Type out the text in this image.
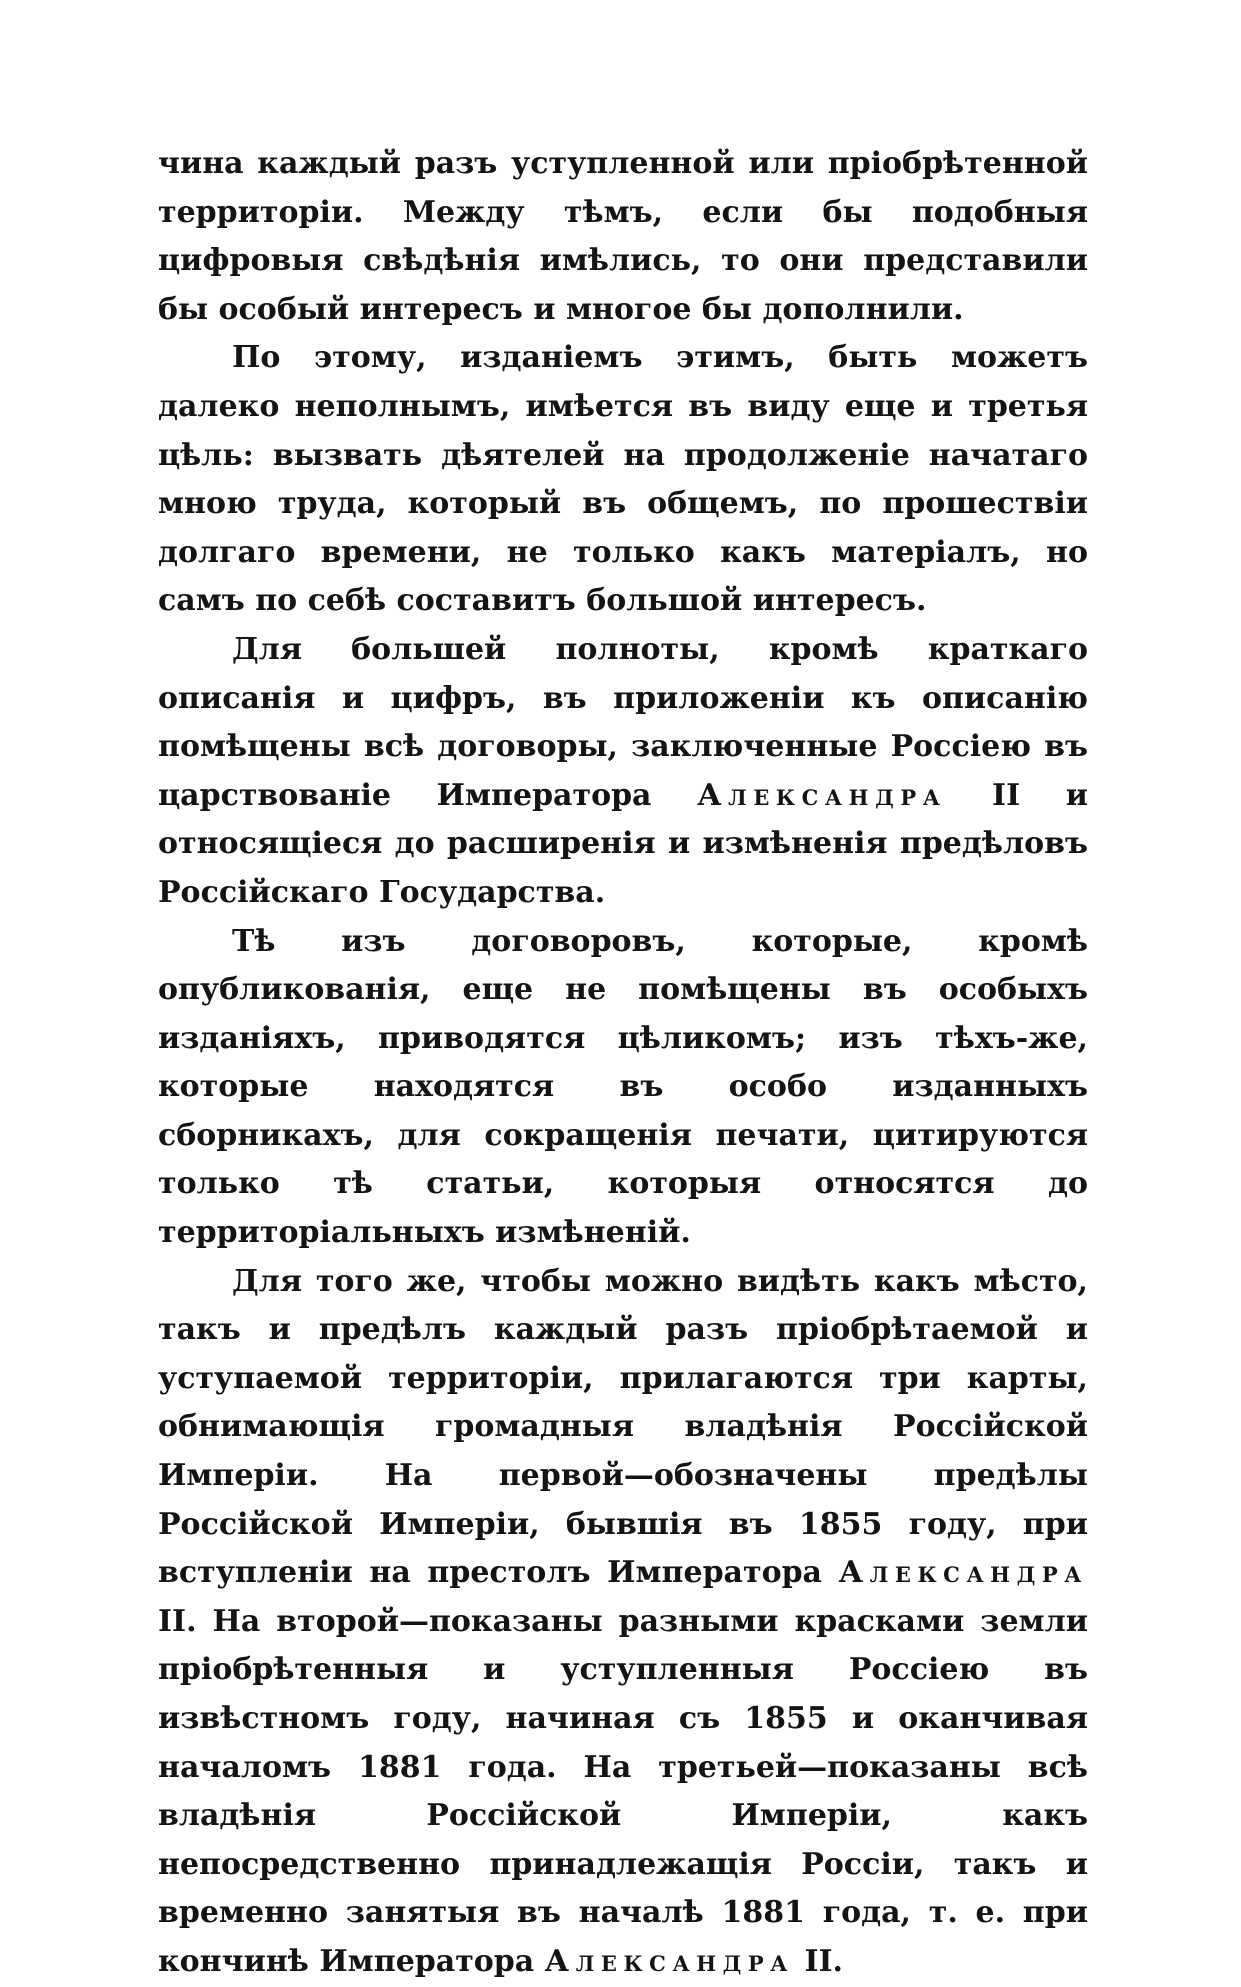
чина каждый разъ уступленной или пріобрѣтенной территоріи. Между тѣмъ, если бы подобныя цифровыя свѣдѣнія имѣлись, то они представили бы особый интересъ и многое бы дополнили.

По этому, изданіемъ этимъ, быть можетъ далеко неполнымъ, имѣется въ виду еще и третья цѣль: вызвать дѣятелей на продолженіе начатаго мною труда, который въ общемъ, по прошествіи долгаго времени, не только какъ матеріалъ, но самъ по себѣ составитъ большой интересъ.

Для большей полноты, кромѣ краткаго описанія и цифръ, въ приложеніи къ описанію помѣщены всѣ договоры, заключенные Россіею въ царствованіе Императора Александра II и относящіеся до расширенія и измѣненія предѣловъ Россійскаго Государства.

Тѣ изъ договоровъ, которые, кромѣ опубликованія, еще не помѣщены въ особыхъ изданіяхъ, приводятся цѣликомъ; изъ тѣхъ-же, которые находятся въ особо изданныхъ сборникахъ, для сокращенія печати, цитируются только тѣ статьи, которыя относятся до территоріальныхъ измѣненій.

Для того же, чтобы можно видѣть какъ мѣсто, такъ и предѣлъ каждый разъ пріобрѣтаемой и уступаемой территоріи, прилагаются три карты, обнимающія громадныя владѣнія Россійской Имперіи. На первой—обозначены предѣлы Россійской Имперіи, бывшія въ 1855 году, при вступленіи на престолъ Императора Александра II. На второй—показаны разными красками земли пріобрѣтенныя и уступленныя Россіею въ извѣстномъ году, начиная съ 1855 и оканчивая началомъ 1881 года. На третьей—показаны всѣ владѣнія Россійской Имперіи, какъ непосредственно принадлежащія Россіи, такъ и временно занятыя въ началѣ 1881 года, т. е. при кончинѣ Императора Александра II.
